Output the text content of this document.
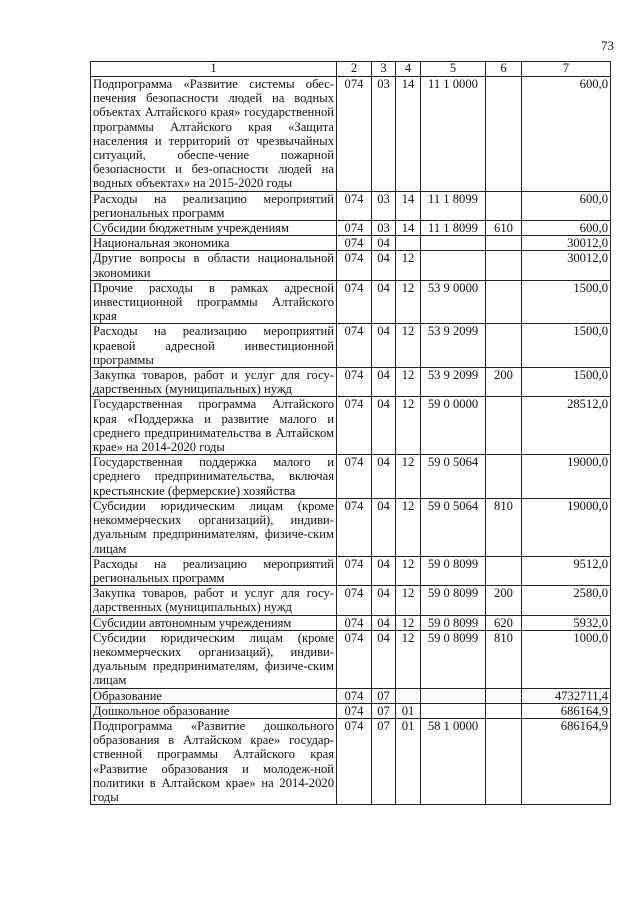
73
1	2	3	4	5	6	7
Подпрограмма «Развитие системы обес-печения безопасности людей на водных объектах Алтайского края» государственной программы Алтайского края «Защита населения и территорий от чрезвычайных ситуаций, обеспе-чение пожарной безопасности и без-опасности людей на водных объектах» на 2015-2020 годы	074	03	14	11 1 0000		600,0
Расходы на реализацию мероприятий региональных программ	074	03	14	11 1 8099		600,0
Субсидии бюджетным учреждениям	074	03	14	11 1 8099	610	600,0
Национальная экономика	074	04				30012,0
Другие вопросы в области национальной экономики	074	04	12			30012,0
Прочие расходы в рамках адресной инвестиционной программы Алтайского края	074	04	12	53 9 0000		1500,0
Расходы на реализацию мероприятий краевой адресной инвестиционной программы	074	04	12	53 9 2099		1500,0
Закупка товаров, работ и услуг для госу-дарственных (муниципальных) нужд	074	04	12	53 9 2099	200	1500,0
Государственная программа Алтайского края «Поддержка и развитие малого и среднего предпринимательства в Алтайском крае» на 2014-2020 годы	074	04	12	59 0 0000		28512,0
Государственная поддержка малого и среднего предпринимательства, включая крестьянские (фермерские) хозяйства	074	04	12	59 0 5064		19000,0
Субсидии юридическим лицам (кроме некоммерческих организаций), индиви-дуальным предпринимателям, физиче-ским лицам	074	04	12	59 0 5064	810	19000,0
Расходы на реализацию мероприятий региональных программ	074	04	12	59 0 8099		9512,0
Закупка товаров, работ и услуг для госу-дарственных (муниципальных) нужд	074	04	12	59 0 8099	200	2580,0
Субсидии автономным учреждениям	074	04	12	59 0 8099	620	5932,0
Субсидии юридическим лицам (кроме некоммерческих организаций), индиви-дуальным предпринимателям, физиче-ским лицам	074	04	12	59 0 8099	810	1000,0
Образование	074	07				4732711,4
Дошкольное образование	074	07	01			686164,9
Подпрограмма «Развитие дошкольного образования в Алтайском крае» государ-ственной программы Алтайского края «Развитие образования и молодеж-ной политики в Алтайском крае» на 2014-2020 годы	074	07	01	58 1 0000		686164,9
